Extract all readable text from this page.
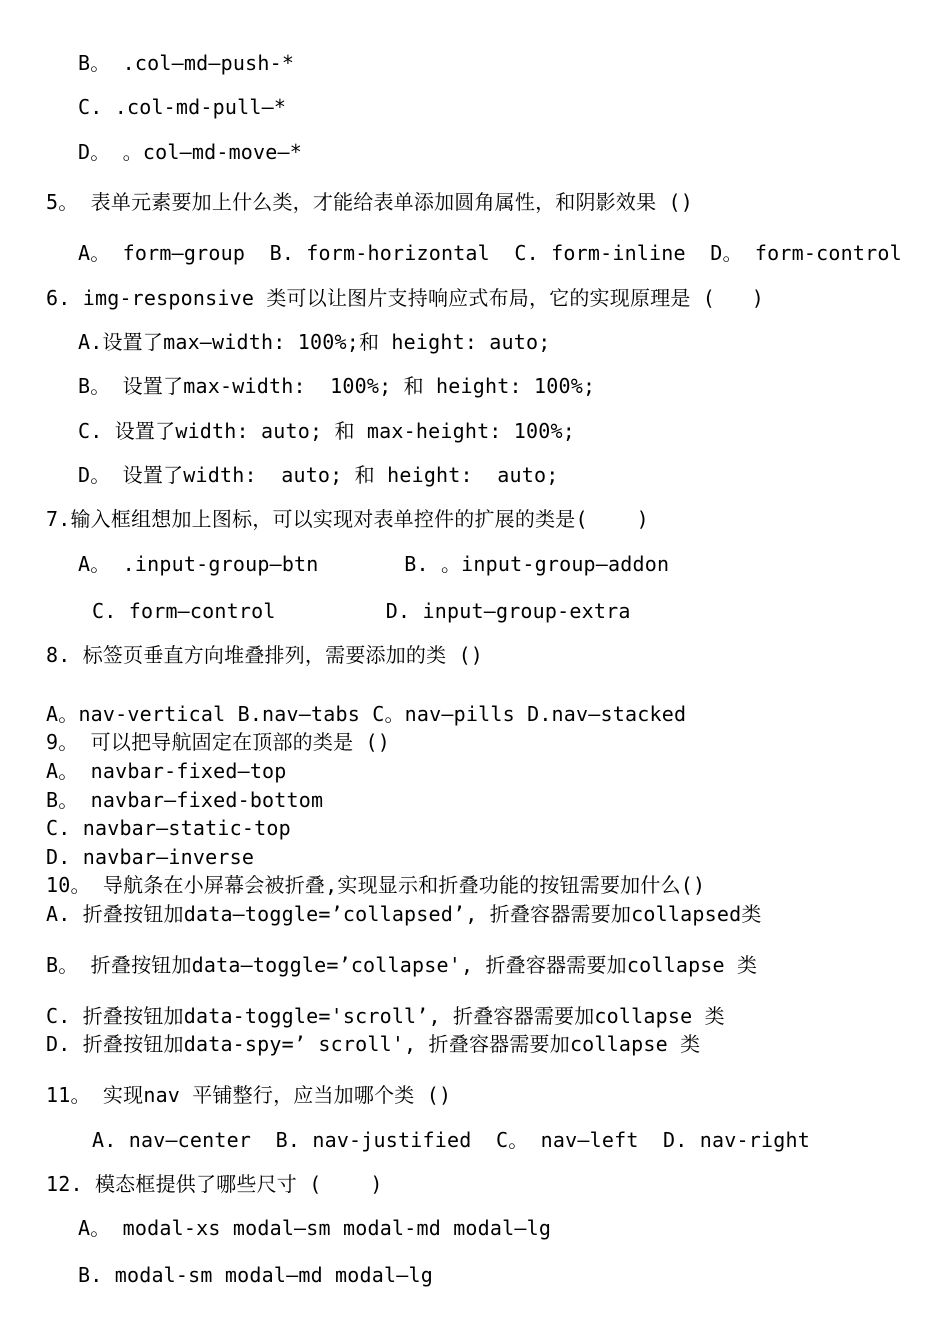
B。 .col—md—push-*
C. .col-md-pull—*
D。 。col—md-move—*
5。 表单元素要加上什么类，才能给表单添加圆角属性，和阴影效果 ()
A。 form—group  B. form-horizontal  C. form-inline  D。 form-control
6. img-responsive 类可以让图片支持响应式布局，它的实现原理是 (   )
A.设置了max—width: 100%;和 height: auto;
B。 设置了max-width:  100%; 和 height: 100%;
C. 设置了width: auto; 和 max-height: 100%;
D。 设置了width:  auto; 和 height:  auto;
7.输入框组想加上图标，可以实现对表单控件的扩展的类是(    )
A。 .input-group—btn       B. 。input-group—addon
C. form—control         D. input—group-extra
8. 标签页垂直方向堆叠排列，需要添加的类 ()
A。nav-vertical B.nav—tabs C。nav—pills D.nav—stacked
9。 可以把导航固定在顶部的类是 ()
A。 navbar-fixed—top
B。 navbar—fixed-bottom
C. navbar—static-top
D. navbar—inverse
10。 导航条在小屏幕会被折叠,实现显示和折叠功能的按钮需要加什么()
A. 折叠按钮加data—toggle=’collapsed’, 折叠容器需要加collapsed类
B。 折叠按钮加data—toggle=’collapse', 折叠容器需要加collapse 类
C. 折叠按钮加data-toggle='scroll’, 折叠容器需要加collapse 类
D. 折叠按钮加data-spy=’ scroll', 折叠容器需要加collapse 类
11。 实现nav 平铺整行，应当加哪个类 ()
A. nav—center  B. nav-justified  C。 nav—left  D. nav-right
12. 模态框提供了哪些尺寸 (    )
A。 modal-xs modal—sm modal-md modal—lg
B. modal-sm modal—md modal—lg
